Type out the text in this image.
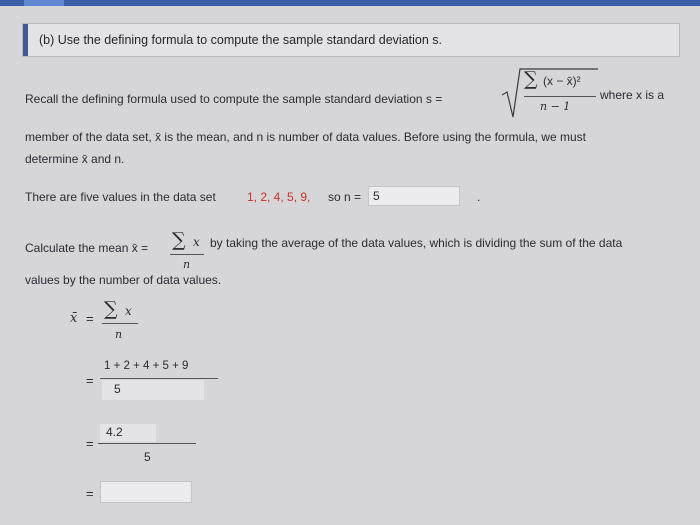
(b) Use the defining formula to compute the sample standard deviation s.
Recall the defining formula used to compute the sample standard deviation s =
∑ (x − x̄)²
n − 1
where x is a
member of the data set, x̄ is the mean, and n is number of data values. Before using the formula, we must
determine x̄ and n.
There are five values in the data set	1, 2, 4, 5, 9, so n = 5	.
Calculate the mean x̄ = ∑ x
n
by taking the average of the data values, which is dividing the sum of the data
values by the number of data values.
x̄ = ∑ x
n
=
1 + 2 + 4 + 5 + 9
5
=
4.2
5
=
